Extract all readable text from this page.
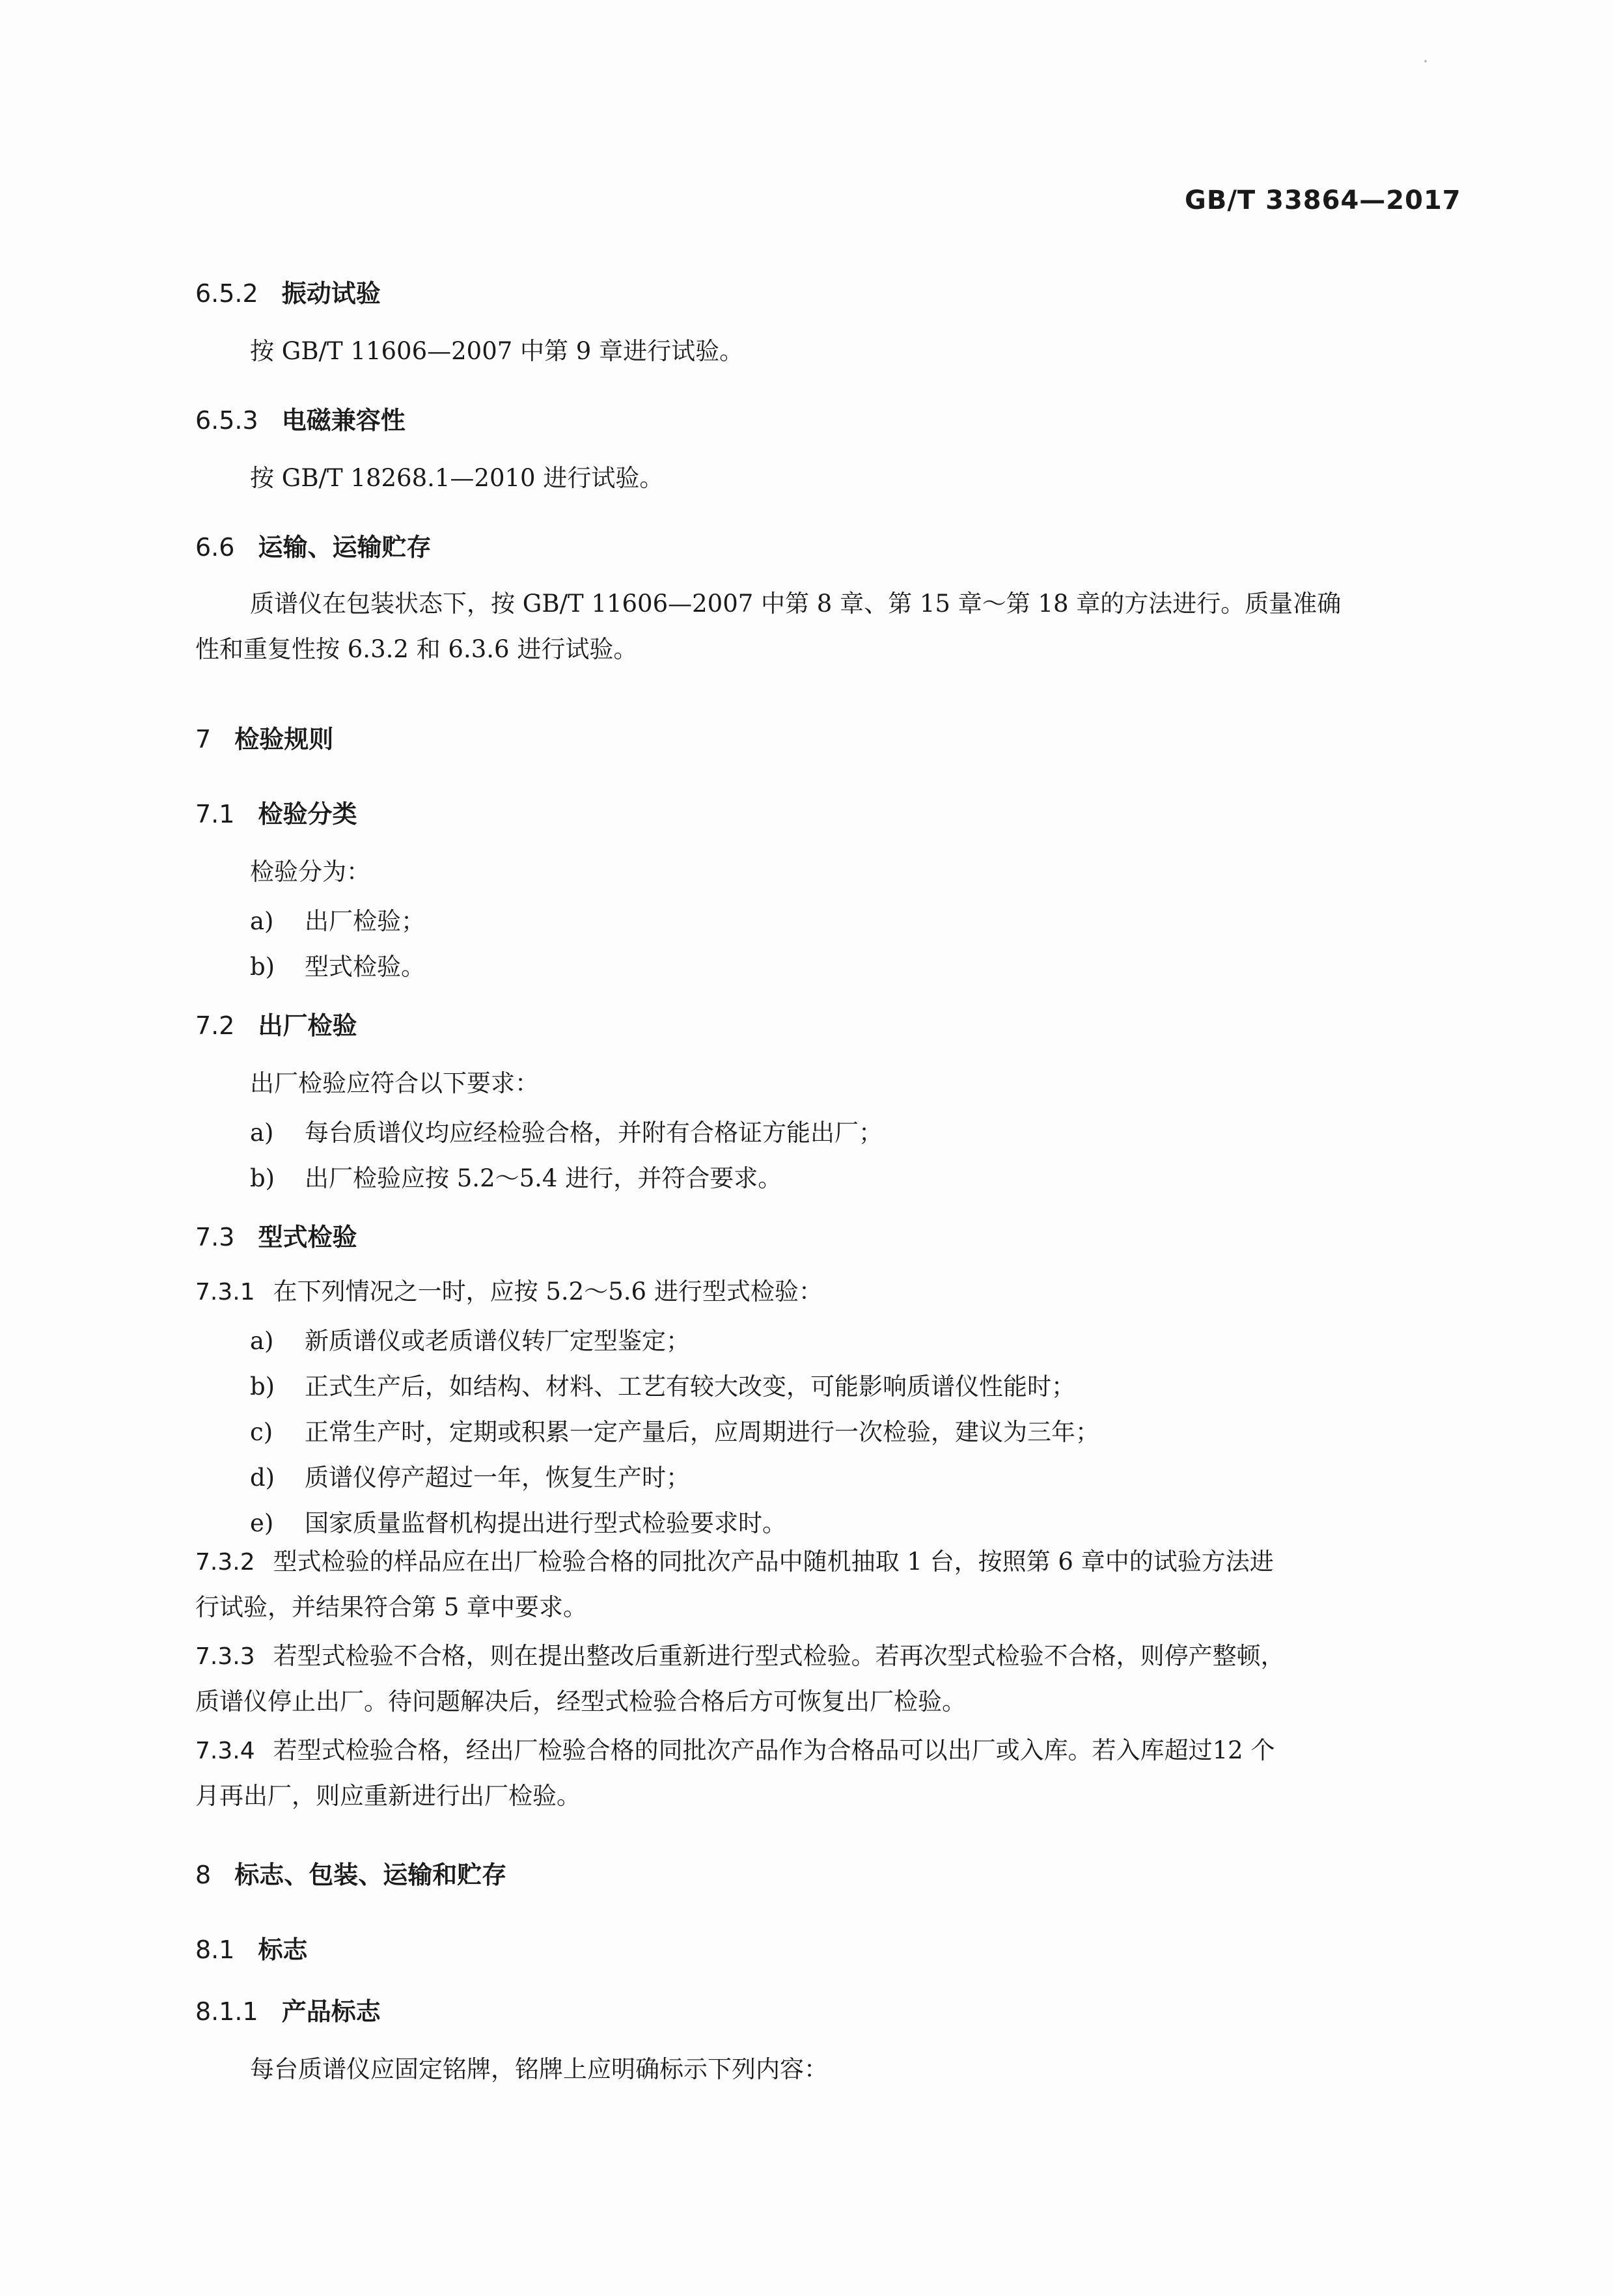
GB/T 33864—2017
6.5.2 振动试验
按 GB/T 11606—2007 中第 9 章进行试验。
6.5.3 电磁兼容性
按 GB/T 18268.1—2010 进行试验。
6.6 运输、运输贮存
质谱仪在包装状态下，按 GB/T 11606—2007 中第 8 章、第 15 章～第 18 章的方法进行。质量准确
性和重复性按 6.3.2 和 6.3.6 进行试验。
7 检验规则
7.1 检验分类
检验分为：
a) 出厂检验；
b) 型式检验。
7.2 出厂检验
出厂检验应符合以下要求：
a) 每台质谱仪均应经检验合格，并附有合格证方能出厂；
b) 出厂检验应按 5.2～5.4 进行，并符合要求。
7.3 型式检验
7.3.1 在下列情况之一时，应按 5.2～5.6 进行型式检验：
a) 新质谱仪或老质谱仪转厂定型鉴定；
b) 正式生产后，如结构、材料、工艺有较大改变，可能影响质谱仪性能时；
c) 正常生产时，定期或积累一定产量后，应周期进行一次检验，建议为三年；
d) 质谱仪停产超过一年，恢复生产时；
e) 国家质量监督机构提出进行型式检验要求时。
7.3.2 型式检验的样品应在出厂检验合格的同批次产品中随机抽取 1 台，按照第 6 章中的试验方法进
行试验，并结果符合第 5 章中要求。
7.3.3 若型式检验不合格，则在提出整改后重新进行型式检验。若再次型式检验不合格，则停产整顿，
质谱仪停止出厂。待问题解决后，经型式检验合格后方可恢复出厂检验。
7.3.4 若型式检验合格，经出厂检验合格的同批次产品作为合格品可以出厂或入库。若入库超过12 个
月再出厂，则应重新进行出厂检验。
8 标志、包装、运输和贮存
8.1 标志
8.1.1 产品标志
每台质谱仪应固定铭牌，铭牌上应明确标示下列内容：
